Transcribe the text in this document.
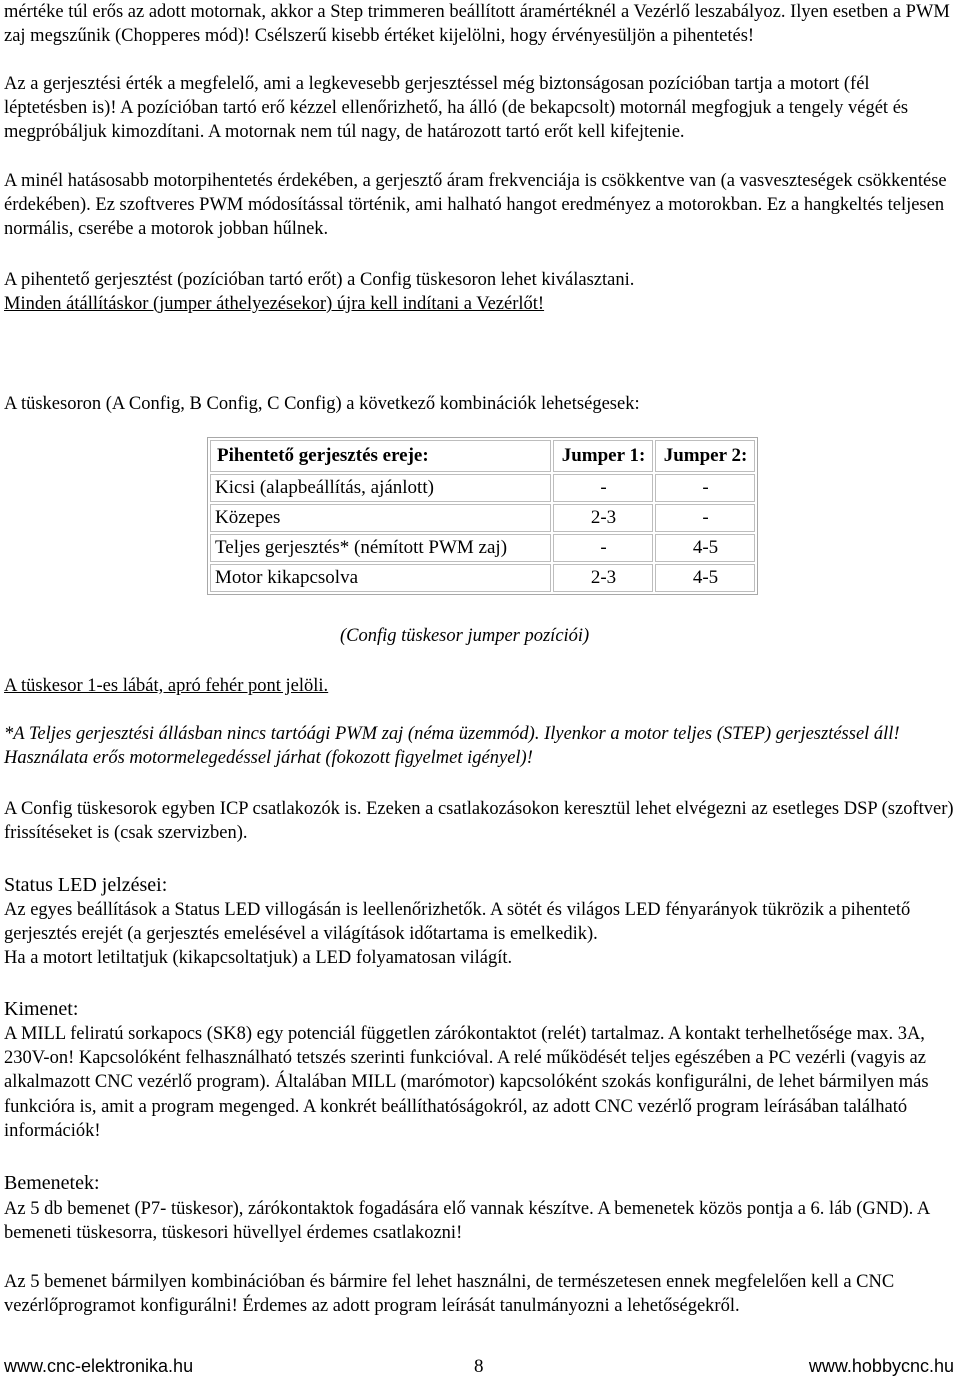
mértéke túl erős az adott motornak, akkor a Step trimmeren beállított áramértéknél a Vezérlő leszabályoz. Ilyen esetben a PWM zaj megszűnik (Chopperes mód)! Csélszerű kisebb értéket kijelölni, hogy érvényesüljön a pihentetés!

Az a gerjesztési érték a megfelelő, ami a legkevesebb gerjesztéssel még biztonságosan pozícióban tartja a motort (fél léptetésben is)! A pozícióban tartó erő kézzel ellenőrizhető, ha álló (de bekapcsolt) motornál megfogjuk a tengely végét és megpróbáljuk kimozdítani. A motornak nem túl nagy, de határozott tartó erőt kell kifejtenie.

A minél hatásosabb motorpihentetés érdekében, a gerjesztő áram frekvenciája is csökkentve van (a vasveszteségek csökkentése érdekében). Ez szoftveres PWM módosítással történik, ami halható hangot eredményez a motorokban. Ez a hangkeltés teljesen normális, cserébe a motorok jobban hűlnek.

A pihentető gerjesztést (pozícióban tartó erőt) a Config tüskesoron lehet kiválasztani.

Minden átállításkor (jumper áthelyezésekor) újra kell indítani a Vezérlőt!

A tüskesoron (A Config, B Config, C Config) a következő kombinációk lehetségesek:

Pihentető gerjesztés ereje:	Jumper 1:	Jumper 2:
Kicsi (alapbeállítás, ajánlott)	-	-
Közepes	2-3	-
Teljes gerjesztés* (némított PWM zaj)	-	4-5
Motor kikapcsolva	2-3	4-5

(Config tüskesor jumper pozíciói)

A tüskesor 1-es lábát, apró fehér pont jelöli.

*A Teljes gerjesztési állásban nincs tartóági PWM zaj (néma üzemmód). Ilyenkor a motor teljes (STEP) gerjesztéssel áll! Használata erős motormelegedéssel járhat (fokozott figyelmet igényel)!

A Config tüskesorok egyben ICP csatlakozók is. Ezeken a csatlakozásokon keresztül lehet elvégezni az esetleges DSP (szoftver) frissítéseket is (csak szervizben).

Status LED jelzései:

Az egyes beállítások a Status LED villogásán is leellenőrizhetők. A sötét és világos LED fényarányok tükrözik a pihentető gerjesztés erejét (a gerjesztés emelésével a világítások időtartama is emelkedik).

Ha a motort letiltatjuk (kikapcsoltatjuk) a LED folyamatosan világít.

Kimenet:

A MILL feliratú sorkapocs (SK8) egy potenciál független zárókontaktot (relét) tartalmaz. A kontakt terhelhetősége max. 3A, 230V-on! Kapcsolóként felhasználható tetszés szerinti funkcióval. A relé működését teljes egészében a PC vezérli (vagyis az alkalmazott CNC vezérlő program). Általában MILL (marómotor) kapcsolóként szokás konfigurálni, de lehet bármilyen más funkcióra is, amit a program megenged. A konkrét beállíthatóságokról, az adott CNC vezérlő program leírásában található információk!

Bemenetek:

Az 5 db bemenet (P7- tüskesor), zárókontaktok fogadására elő vannak készítve. A bemenetek közös pontja a 6. láb (GND). A bemeneti tüskesorra, tüskesori hüvellyel érdemes csatlakozni!

Az 5 bemenet bármilyen kombinációban és bármire fel lehet használni, de természetesen ennek megfelelően kell a CNC vezérlőprogramot konfigurálni! Érdemes az adott program leírását tanulmányozni a lehetőségekről.

www.cnc-elektronika.hu	8	www.hobbycnc.hu
